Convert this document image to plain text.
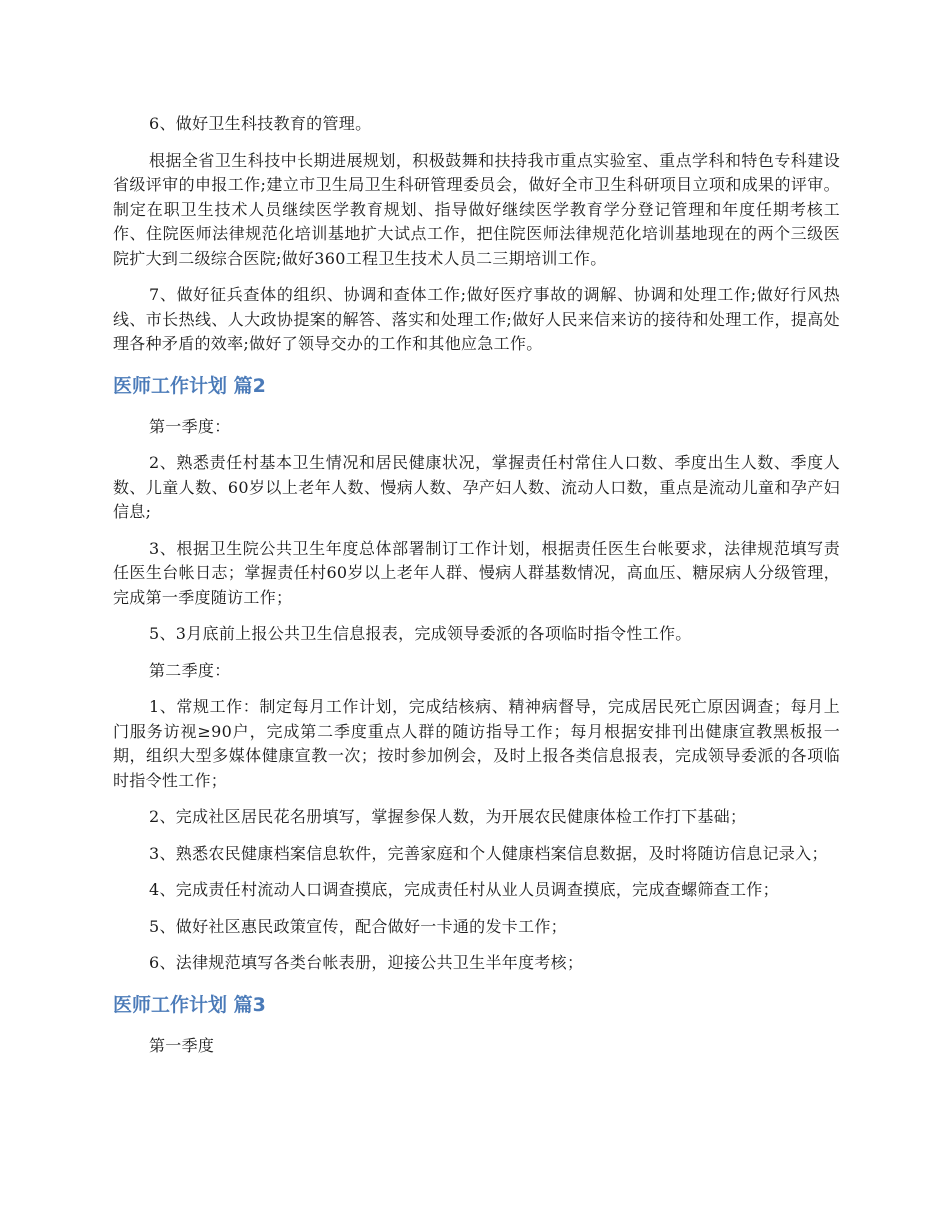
6、做好卫生科技教育的管理。

根据全省卫生科技中长期进展规划，积极鼓舞和扶持我市重点实验室、重点学科和特色专科建设省级评审的申报工作;建立市卫生局卫生科研管理委员会，做好全市卫生科研项目立项和成果的评审。制定在职卫生技术人员继续医学教育规划、指导做好继续医学教育学分登记管理和年度任期考核工作、住院医师法律规范化培训基地扩大试点工作，把住院医师法律规范化培训基地现在的两个三级医院扩大到二级综合医院;做好360工程卫生技术人员二三期培训工作。

7、做好征兵查体的组织、协调和查体工作;做好医疗事故的调解、协调和处理工作;做好行风热线、市长热线、人大政协提案的解答、落实和处理工作;做好人民来信来访的接待和处理工作，提高处理各种矛盾的效率;做好了领导交办的工作和其他应急工作。

医师工作计划 篇2

第一季度：

2、熟悉责任村基本卫生情况和居民健康状况，掌握责任村常住人口数、季度出生人数、季度人数、儿童人数、60岁以上老年人数、慢病人数、孕产妇人数、流动人口数，重点是流动儿童和孕产妇信息;

3、根据卫生院公共卫生年度总体部署制订工作计划，根据责任医生台帐要求，法律规范填写责任医生台帐日志；掌握责任村60岁以上老年人群、慢病人群基数情况，高血压、糖尿病人分级管理，完成第一季度随访工作；

5、3月底前上报公共卫生信息报表，完成领导委派的各项临时指令性工作。

第二季度：

1、常规工作：制定每月工作计划，完成结核病、精神病督导，完成居民死亡原因调查；每月上门服务访视≥90户，完成第二季度重点人群的随访指导工作；每月根据安排刊出健康宣教黑板报一期，组织大型多媒体健康宣教一次；按时参加例会，及时上报各类信息报表，完成领导委派的各项临时指令性工作；

2、完成社区居民花名册填写，掌握参保人数，为开展农民健康体检工作打下基础；

3、熟悉农民健康档案信息软件，完善家庭和个人健康档案信息数据，及时将随访信息记录入；

4、完成责任村流动人口调查摸底，完成责任村从业人员调查摸底，完成查螺筛查工作；

5、做好社区惠民政策宣传，配合做好一卡通的发卡工作；

6、法律规范填写各类台帐表册，迎接公共卫生半年度考核；

医师工作计划 篇3

第一季度
